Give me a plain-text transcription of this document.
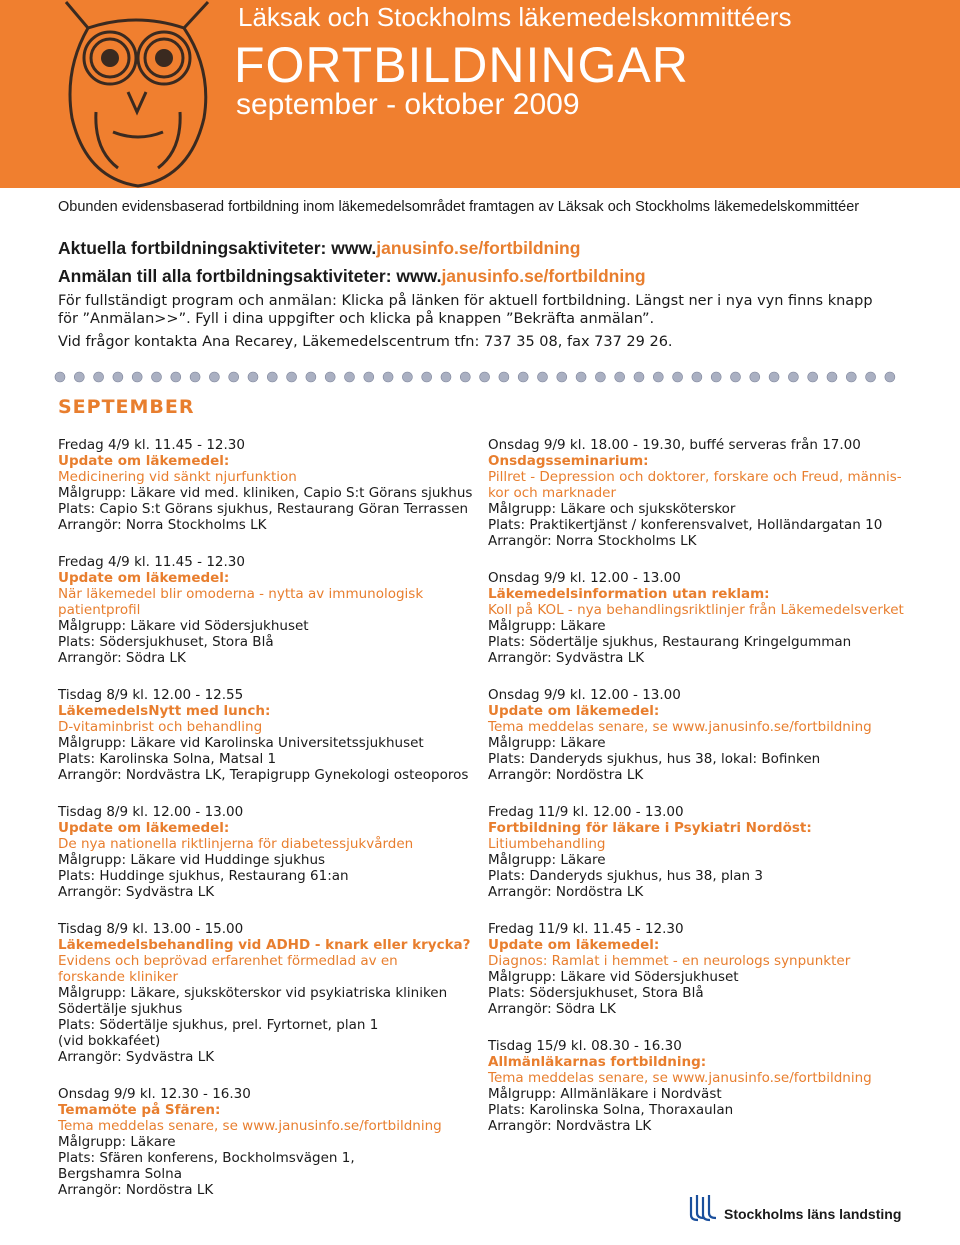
Läksak och Stockholms läkemedelskommittéers
FORTBILDNINGAR
september - oktober 2009
Obunden evidensbaserad fortbildning inom läkemedelsområdet framtagen av Läksak och Stockholms läkemedelskommittéer
Aktuella fortbildningsaktiviteter: www.janusinfo.se/fortbildning
Anmälan till alla fortbildningsaktiviteter: www.janusinfo.se/fortbildning
För fullständigt program och anmälan: Klicka på länken för aktuell fortbildning. Längst ner i nya vyn finns knapp
för ”Anmälan>>”. Fyll i dina uppgifter och klicka på knappen ”Bekräfta anmälan”.
Vid frågor kontakta Ana Recarey, Läkemedelscentrum tfn: 737 35 08, fax 737 29 26.
SEPTEMBER
Fredag 4/9 kl. 11.45 - 12.30
Update om läkemedel:
Medicinering vid sänkt njurfunktion
Målgrupp: Läkare vid med. kliniken, Capio S:t Görans sjukhus
Plats: Capio S:t Görans sjukhus, Restaurang Göran Terrassen
Arrangör: Norra Stockholms LK
Fredag 4/9 kl. 11.45 - 12.30
Update om läkemedel:
När läkemedel blir omoderna - nytta av immunologisk
patientprofil
Målgrupp: Läkare vid Södersjukhuset
Plats: Södersjukhuset, Stora Blå
Arrangör: Södra LK
Tisdag 8/9 kl. 12.00 - 12.55
LäkemedelsNytt med lunch:
D-vitaminbrist och behandling
Målgrupp: Läkare vid Karolinska Universitetssjukhuset
Plats: Karolinska Solna, Matsal 1
Arrangör: Nordvästra LK, Terapigrupp Gynekologi osteoporos
Tisdag 8/9 kl. 12.00 - 13.00
Update om läkemedel:
De nya nationella riktlinjerna för diabetessjukvården
Målgrupp: Läkare vid Huddinge sjukhus
Plats: Huddinge sjukhus, Restaurang 61:an
Arrangör: Sydvästra LK
Tisdag 8/9 kl. 13.00 - 15.00
Läkemedelsbehandling vid ADHD - knark eller krycka?
Evidens och beprövad erfarenhet förmedlad av en
forskande kliniker
Målgrupp: Läkare, sjuksköterskor vid psykiatriska kliniken
Södertälje sjukhus
Plats: Södertälje sjukhus, prel. Fyrtornet, plan 1
(vid bokkaféet)
Arrangör: Sydvästra LK
Onsdag 9/9 kl. 12.30 - 16.30
Temamöte på Sfären:
Tema meddelas senare, se www.janusinfo.se/fortbildning
Målgrupp: Läkare
Plats: Sfären konferens, Bockholmsvägen 1,
Bergshamra Solna
Arrangör: Nordöstra LK
Onsdag 9/9 kl. 18.00 - 19.30, buffé serveras från 17.00
Onsdagsseminarium:
Pillret - Depression och doktorer, forskare och Freud, männis-
kor och marknader
Målgrupp: Läkare och sjuksköterskor
Plats: Praktikertjänst / konferensvalvet, Holländargatan 10
Arrangör: Norra Stockholms LK
Onsdag 9/9 kl. 12.00 - 13.00
Läkemedelsinformation utan reklam:
Koll på KOL - nya behandlingsriktlinjer från Läkemedelsverket
Målgrupp: Läkare
Plats: Södertälje sjukhus, Restaurang Kringelgumman
Arrangör: Sydvästra LK
Onsdag 9/9 kl. 12.00 - 13.00
Update om läkemedel:
Tema meddelas senare, se www.janusinfo.se/fortbildning
Målgrupp: Läkare
Plats: Danderyds sjukhus, hus 38, lokal: Bofinken
Arrangör: Nordöstra LK
Fredag 11/9 kl. 12.00 - 13.00
Fortbildning för läkare i Psykiatri Nordöst:
Litiumbehandling
Målgrupp: Läkare
Plats: Danderyds sjukhus, hus 38, plan 3
Arrangör: Nordöstra LK
Fredag 11/9 kl. 11.45 - 12.30
Update om läkemedel:
Diagnos: Ramlat i hemmet - en neurologs synpunkter
Målgrupp: Läkare vid Södersjukhuset
Plats: Södersjukhuset, Stora Blå
Arrangör: Södra LK
Tisdag 15/9 kl. 08.30 - 16.30
Allmänläkarnas fortbildning:
Tema meddelas senare, se www.janusinfo.se/fortbildning
Målgrupp: Allmänläkare i Nordväst
Plats: Karolinska Solna, Thoraxaulan
Arrangör: Nordvästra LK
Stockholms läns landsting
